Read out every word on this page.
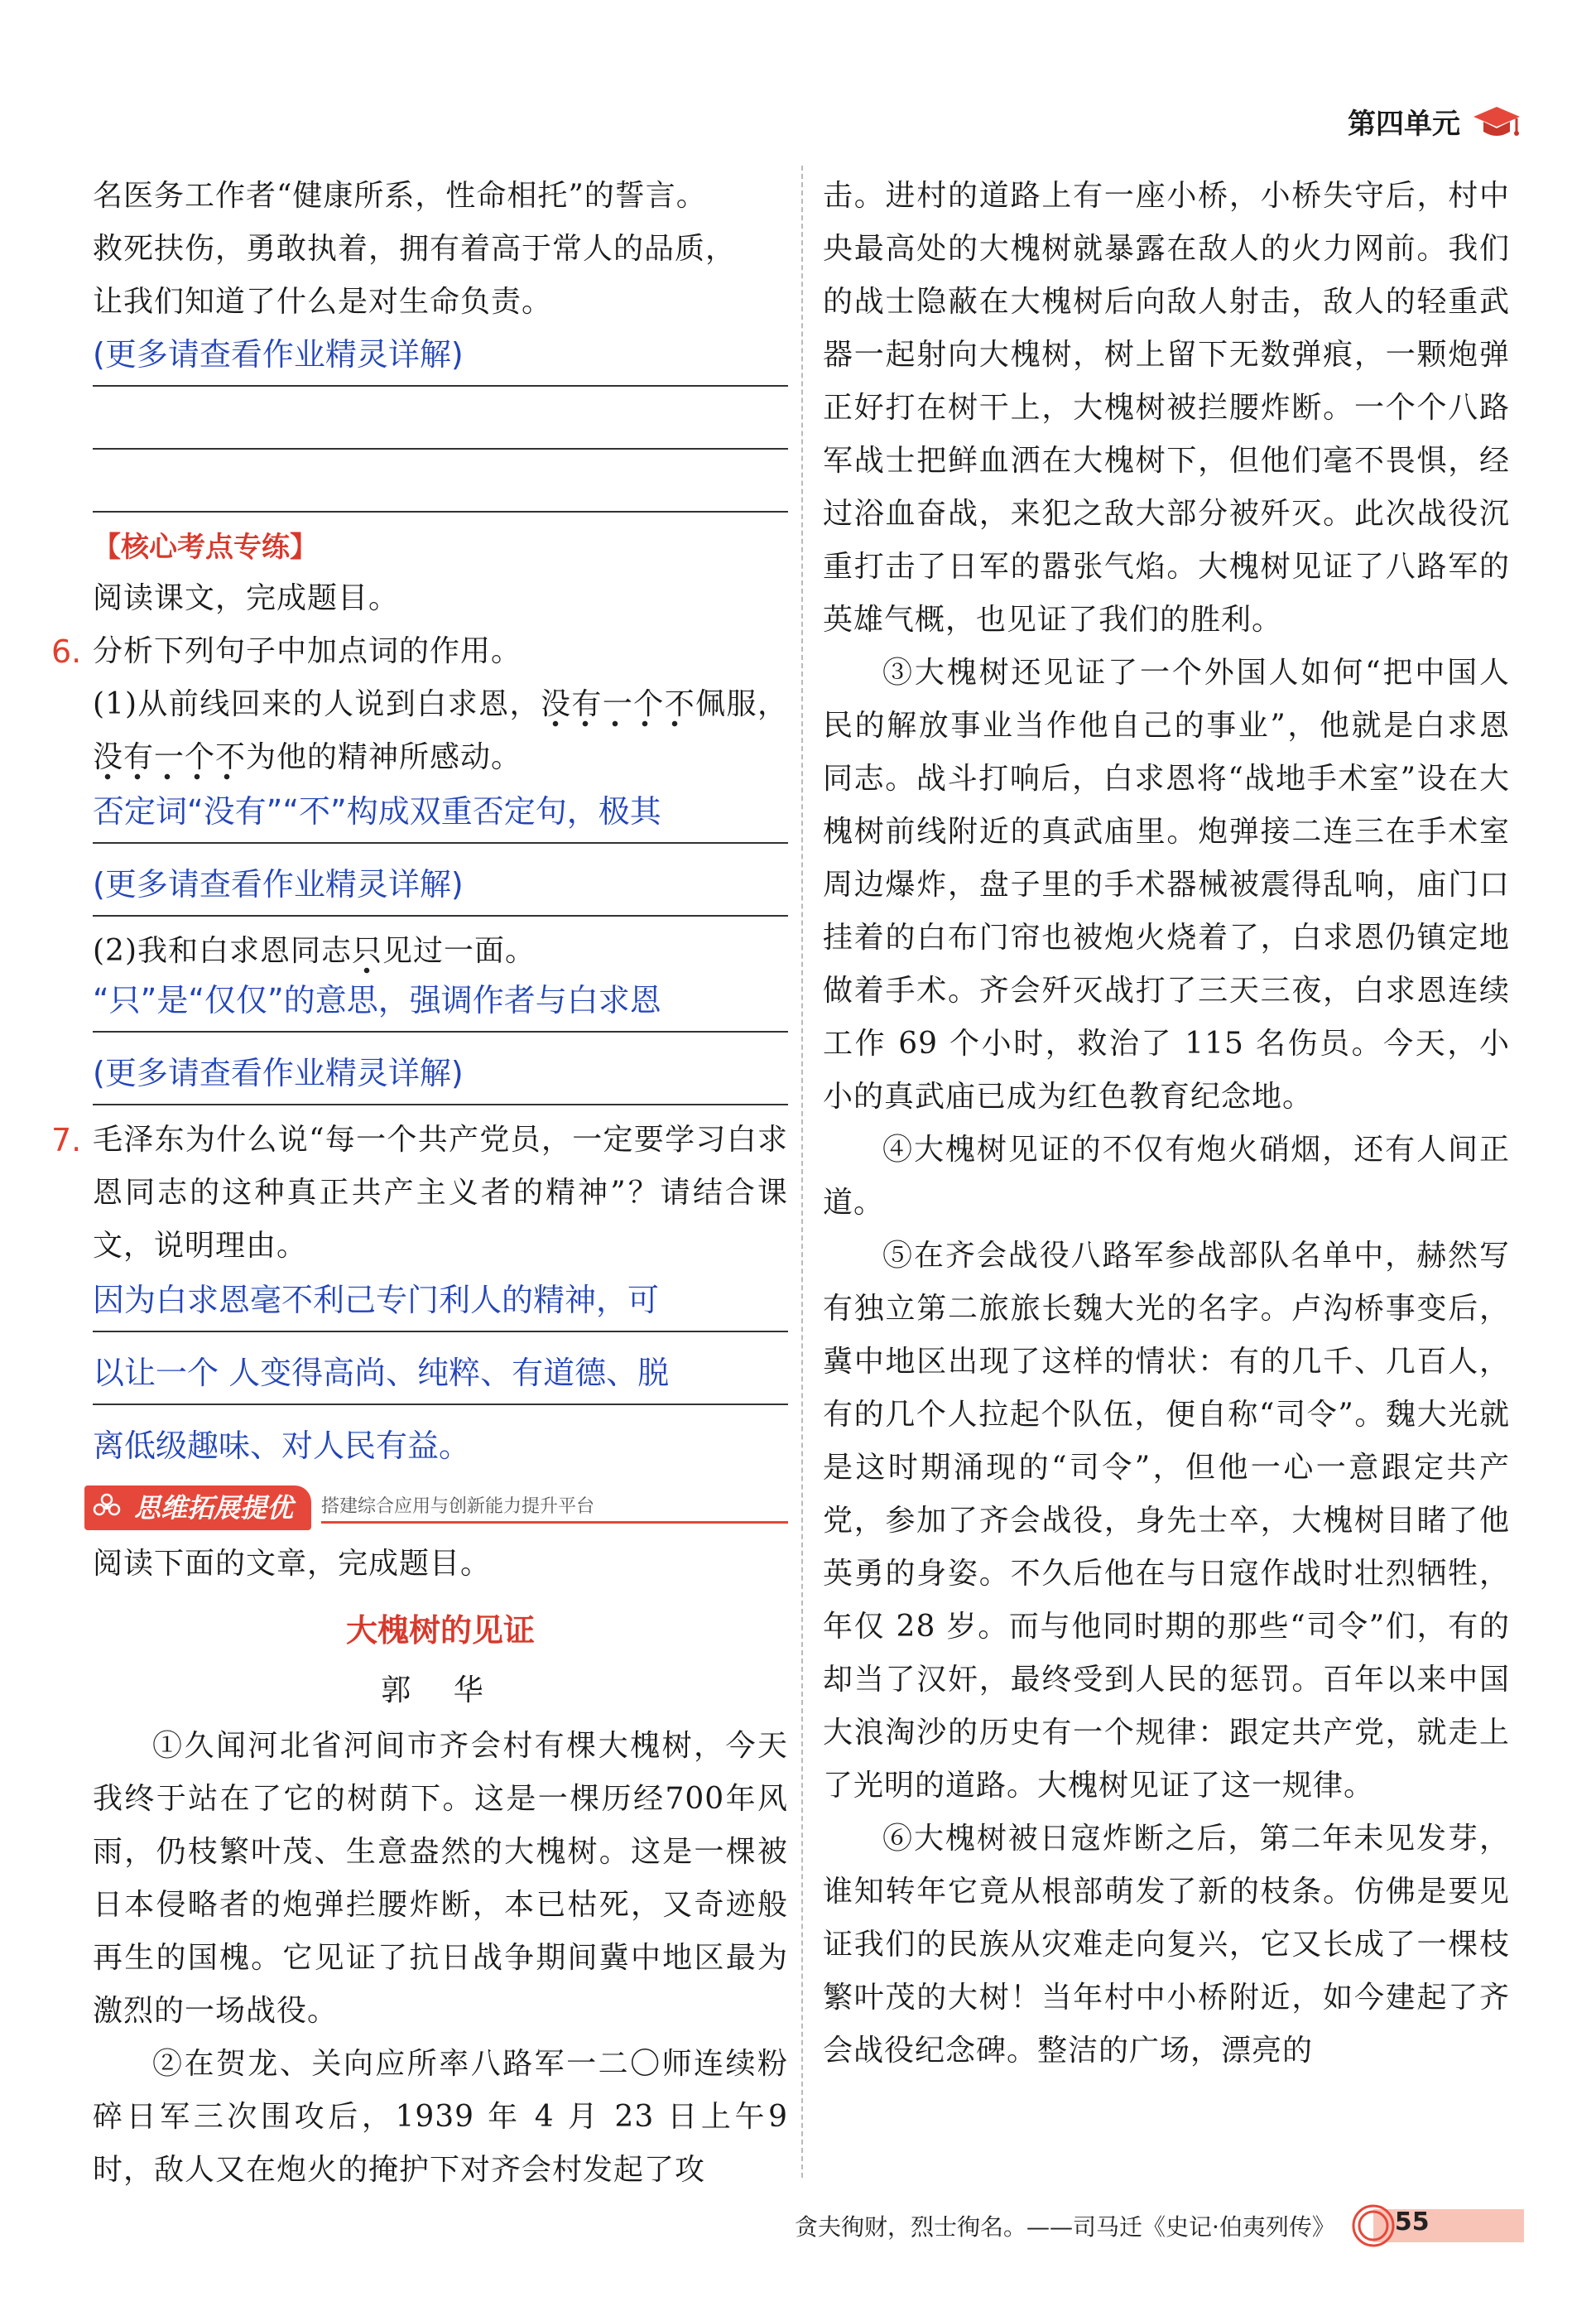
第四单元

名医务工作者“健康所系，性命相托”的誓言。

救死扶伤，勇敢执着，拥有着高于常人的品质，

让我们知道了什么是对生命负责。

(更多请查看作业精灵详解)

【核心考点专练】

阅读课文，完成题目。

6. 分析下列句子中加点词的作用。

(1)从前线回来的人说到白求恩，没有一个不佩服，没有一个不为他的精神所感动。

否定词“没有”“不”构成双重否定句，极其

(更多请查看作业精灵详解)

(2)我和白求恩同志只见过一面。

“只”是“仅仅”的意思，强调作者与白求恩

(更多请查看作业精灵详解)

7. 毛泽东为什么说“每一个共产党员，一定要学习白求恩同志的这种真正共产主义者的精神”？请结合课文，说明理由。

因为白求恩毫不利己专门利人的精神，可

以让一个 人变得高尚、纯粹、有道德、脱

离低级趣味、对人民有益。

思维拓展提优	搭建综合应用与创新能力提升平台

阅读下面的文章，完成题目。

大槐树的见证
郭 华

①久闻河北省河间市齐会村有棵大槐树，今天我终于站在了它的树荫下。这是一棵历经700年风雨，仍枝繁叶茂、生意盎然的大槐树。这是一棵被日本侵略者的炮弹拦腰炸断，本已枯死，又奇迹般再生的国槐。它见证了抗日战争期间冀中地区最为激烈的一场战役。

②在贺龙、关向应所率八路军一二〇师连续粉碎日军三次围攻后，1939 年 4 月 23 日上午9 时，敌人又在炮火的掩护下对齐会村发起了攻

击。进村的道路上有一座小桥，小桥失守后，村中央最高处的大槐树就暴露在敌人的火力网前。我们的战士隐蔽在大槐树后向敌人射击，敌人的轻重武器一起射向大槐树，树上留下无数弹痕，一颗炮弹正好打在树干上，大槐树被拦腰炸断。一个个八路军战士把鲜血洒在大槐树下，但他们毫不畏惧，经过浴血奋战，来犯之敌大部分被歼灭。此次战役沉重打击了日军的嚣张气焰。大槐树见证了八路军的英雄气概，也见证了我们的胜利。

③大槐树还见证了一个外国人如何“把中国人民的解放事业当作他自己的事业”，他就是白求恩同志。战斗打响后，白求恩将“战地手术室”设在大槐树前线附近的真武庙里。炮弹接二连三在手术室周边爆炸，盘子里的手术器械被震得乱响，庙门口挂着的白布门帘也被炮火烧着了，白求恩仍镇定地做着手术。齐会歼灭战打了三天三夜，白求恩连续工作 69 个小时，救治了 115 名伤员。今天，小小的真武庙已成为红色教育纪念地。

④大槐树见证的不仅有炮火硝烟，还有人间正道。

⑤在齐会战役八路军参战部队名单中，赫然写有独立第二旅旅长魏大光的名字。卢沟桥事变后，冀中地区出现了这样的情状：有的几千、几百人，有的几个人拉起个队伍，便自称“司令”。魏大光就是这时期涌现的“司令”，但他一心一意跟定共产党，参加了齐会战役，身先士卒，大槐树目睹了他英勇的身姿。不久后他在与日寇作战时壮烈牺牲，年仅 28 岁。而与他同时期的那些“司令”们，有的却当了汉奸，最终受到人民的惩罚。百年以来中国大浪淘沙的历史有一个规律：跟定共产党，就走上了光明的道路。大槐树见证了这一规律。

⑥大槐树被日寇炸断之后，第二年未见发芽，谁知转年它竟从根部萌发了新的枝条。仿佛是要见证我们的民族从灾难走向复兴，它又长成了一棵枝繁叶茂的大树！当年村中小桥附近，如今建起了齐会战役纪念碑。整洁的广场，漂亮的

贪夫徇财，烈士徇名。——司马迁《史记·伯夷列传》 55
